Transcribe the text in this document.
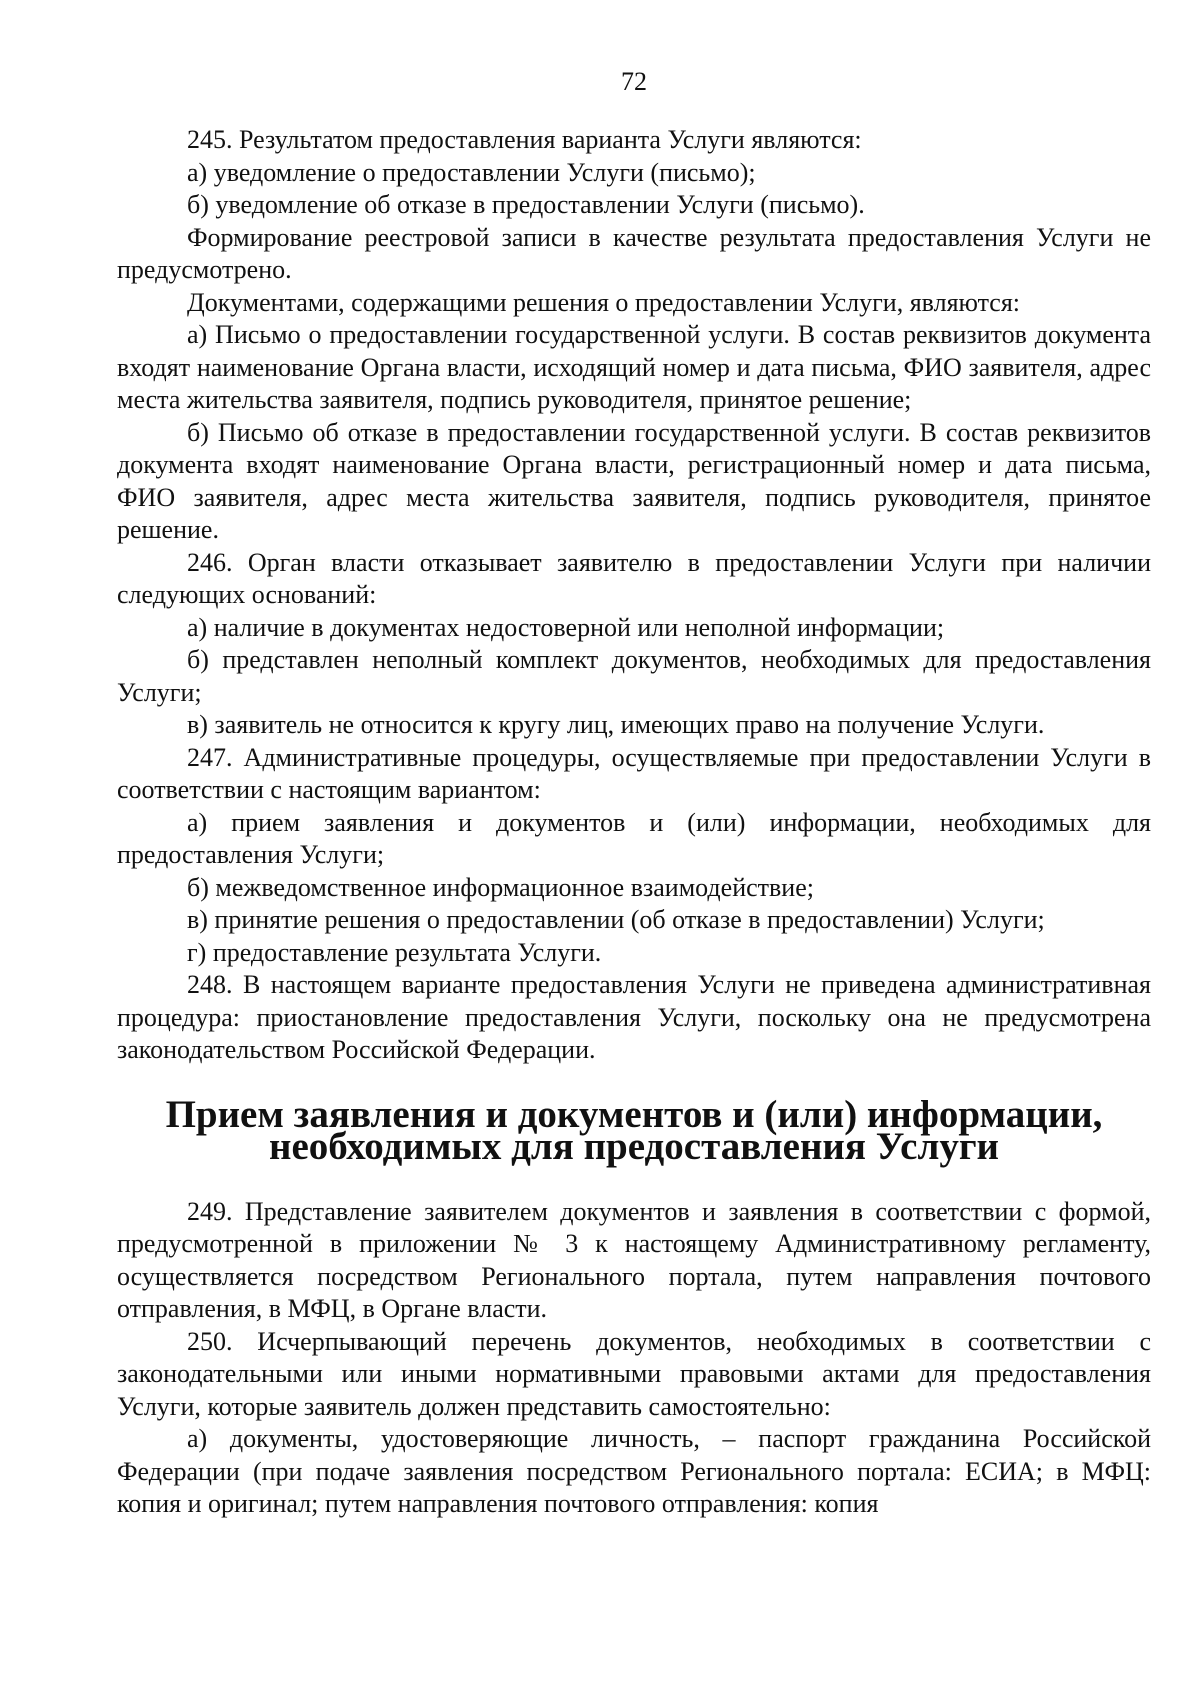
72

245. Результатом предоставления варианта Услуги являются:

а) уведомление о предоставлении Услуги (письмо);

б) уведомление об отказе в предоставлении Услуги (письмо).

Формирование реестровой записи в качестве результата предоставления Услуги не предусмотрено.

Документами, содержащими решения о предоставлении Услуги, являются:

а) Письмо о предоставлении государственной услуги. В состав реквизитов документа входят наименование Органа власти, исходящий номер и дата письма, ФИО заявителя, адрес места жительства заявителя, подпись руководителя, принятое решение;

б) Письмо об отказе в предоставлении государственной услуги. В состав реквизитов документа входят наименование Органа власти, регистрационный номер и дата письма, ФИО заявителя, адрес места жительства заявителя, подпись руководителя, принятое решение.

246. Орган власти отказывает заявителю в предоставлении Услуги при наличии следующих оснований:

а) наличие в документах недостоверной или неполной информации;

б) представлен неполный комплект документов, необходимых для предоставления Услуги;

в) заявитель не относится к кругу лиц, имеющих право на получение Услуги.

247. Административные процедуры, осуществляемые при предоставлении Услуги в соответствии с настоящим вариантом:

а) прием заявления и документов и (или) информации, необходимых для предоставления Услуги;

б) межведомственное информационное взаимодействие;

в) принятие решения о предоставлении (об отказе в предоставлении) Услуги;

г) предоставление результата Услуги.

248. В настоящем варианте предоставления Услуги не приведена административная процедура: приостановление предоставления Услуги, поскольку она не предусмотрена законодательством Российской Федерации.

Прием заявления и документов и (или) информации, необходимых для предоставления Услуги

249. Представление заявителем документов и заявления в соответствии с формой, предусмотренной в приложении № 3 к настоящему Административному регламенту, осуществляется посредством Регионального портала, путем направления почтового отправления, в МФЦ, в Органе власти.

250. Исчерпывающий перечень документов, необходимых в соответствии с законодательными или иными нормативными правовыми актами для предоставления Услуги, которые заявитель должен представить самостоятельно:

а) документы, удостоверяющие личность, – паспорт гражданина Российской Федерации (при подаче заявления посредством Регионального портала: ЕСИА; в МФЦ: копия и оригинал; путем направления почтового отправления: копия
